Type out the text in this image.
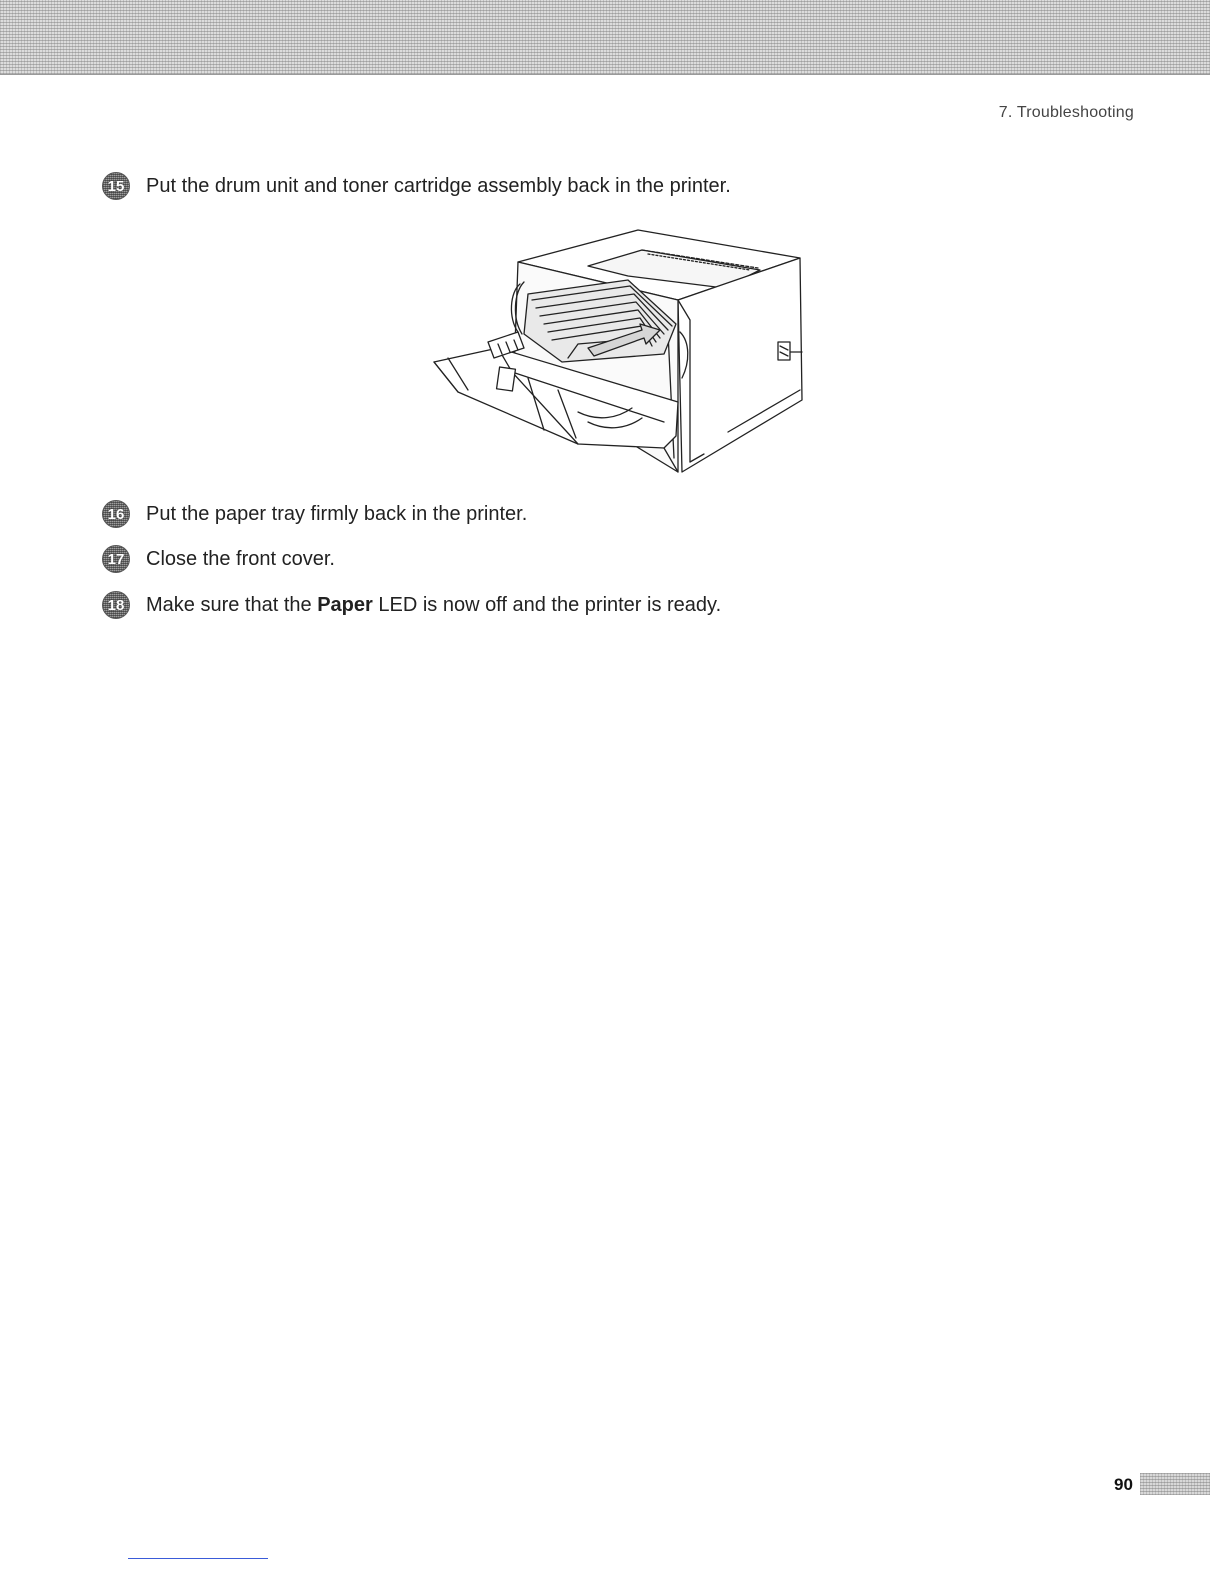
7. Troubleshooting
15 Put the drum unit and toner cartridge assembly back in the printer.
16 Put the paper tray firmly back in the printer.
17 Close the front cover.
18 Make sure that the Paper LED is now off and the printer is ready.
90
